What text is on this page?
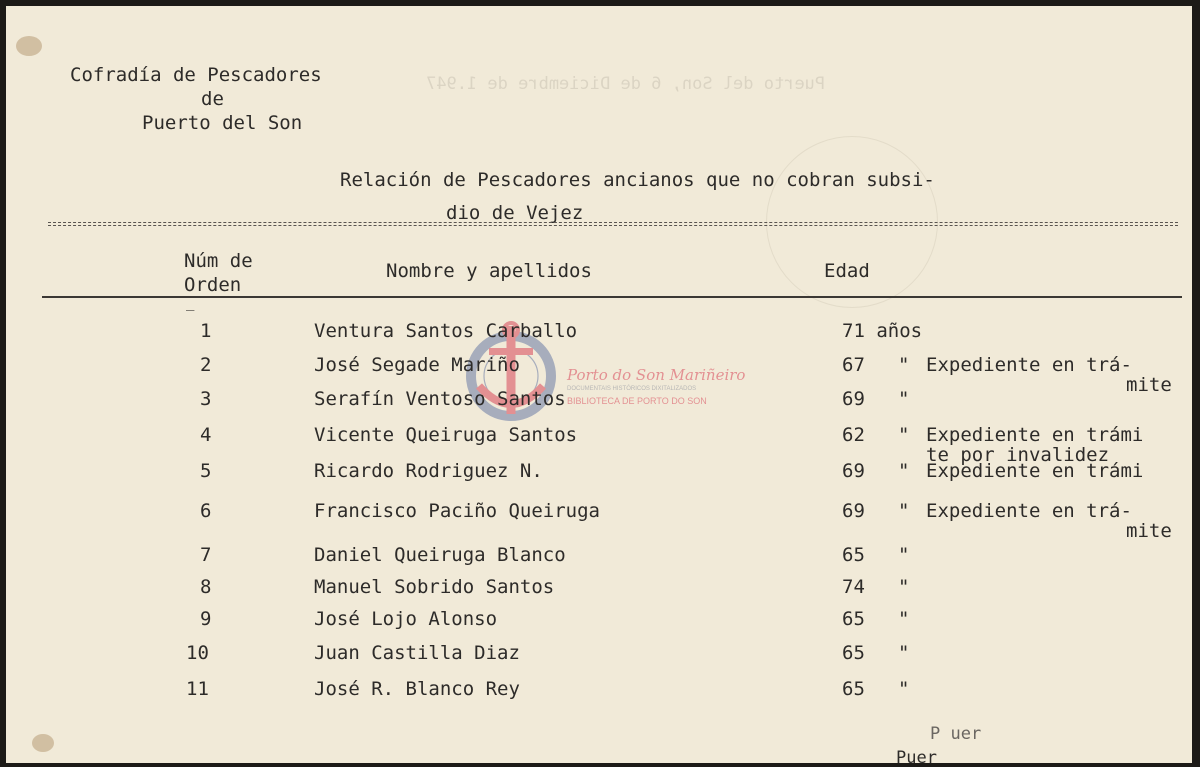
Puerto del Son, 6 de Diciembre de 1.947
Cofradía de Pescadores
de
Puerto del Son
Relación de Pescadores ancianos que no cobran subsi-
dio de Vejez
Núm de
Orden
Nombre y apellidos	Edad
‾
P uer
Puer
Porto do Son Mariñeiro
DOCUMENTAIS HISTÓRICOS DIXITALIZADOS
BIBLIOTECA DE PORTO DO SON
1	Ventura Santos Carballo	71 años
2	José Segade Mariño	67 " Expediente en trá-
mite
3	Serafín Ventoso Santos	69 "
4	Vicente Queiruga Santos	62 " Expediente en trámi
te por invalidez
5	Ricardo Rodriguez N.	69 " Expediente en trámi
6	Francisco Paciño Queiruga	69 " Expediente en trá-
mite
7	Daniel Queiruga Blanco	65 "
8	Manuel Sobrido Santos	74 "
9	José Lojo Alonso	65 "
10	Juan Castilla Diaz	65 "
11	José R. Blanco Rey	65 "
